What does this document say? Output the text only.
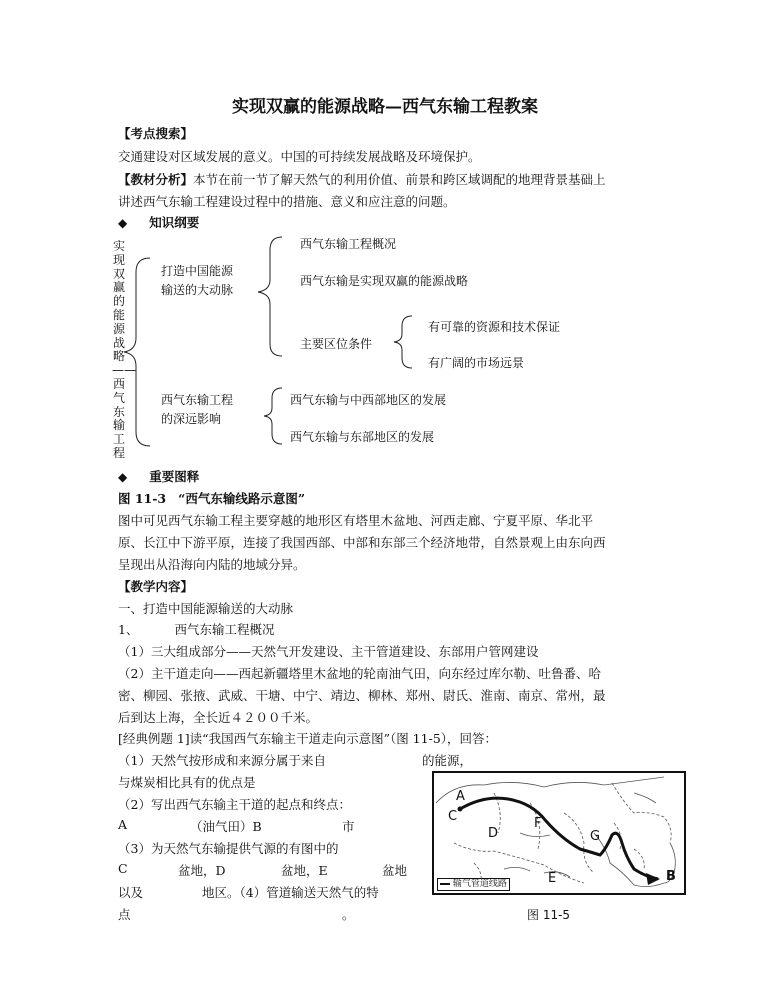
实现双赢的能源战略—西气东输工程教案
【考点搜索】
交通建设对区域发展的意义。中国的可持续发展战略及环境保护。
【教材分析】本节在前一节了解天然气的利用价值、前景和跨区域调配的地理背景基础上
讲述西气东输工程建设过程中的措施、意义和应注意的问题。
◆ 知识纲要
实现双赢的能源战略——西气东输工程
打造中国能源
输送的大动脉
西气东输工程概况
西气东输是实现双赢的能源战略
主要区位条件
有可靠的资源和技术保证
有广阔的市场远景
西气东输工程
的深远影响
西气东输与中西部地区的发展
西气东输与东部地区的发展
◆ 重要图释
图 11-3 “西气东输线路示意图”
图中可见西气东输工程主要穿越的地形区有塔里木盆地、河西走廊、宁夏平原、华北平
原、长江中下游平原，连接了我国西部、中部和东部三个经济地带，自然景观上由东向西
呈现出从沿海向内陆的地域分异。
【教学内容】
一、打造中国能源输送的大动脉
1、	西气东输工程概况
（1）三大组成部分——天然气开发建设、主干管道建设、东部用户管网建设
（2）主干道走向——西起新疆塔里木盆地的轮南油气田，向东经过库尔勒、吐鲁番、哈
密、柳园、张掖、武威、干塘、中宁、靖边、柳林、郑州、尉氏、淮南、南京、常州，最
后到达上海，全长近４２００千米。
[经典例题 1]读“我国西气东输主干道走向示意图”（图 11-5），回答：
（1）天然气按形成和来源分属于来自	的能源，
与煤炭相比具有的优点是
（2）写出西气东输主干道的起点和终点：
A	（油气田）B	市
（3）为天然气东输提供气源的有图中的
C	盆地，D	盆地，E	盆地
以及	地区。（4）管道输送天然气的特
点	。
A
C
D
F
G
E	B
输气管道线路
图 11-5
